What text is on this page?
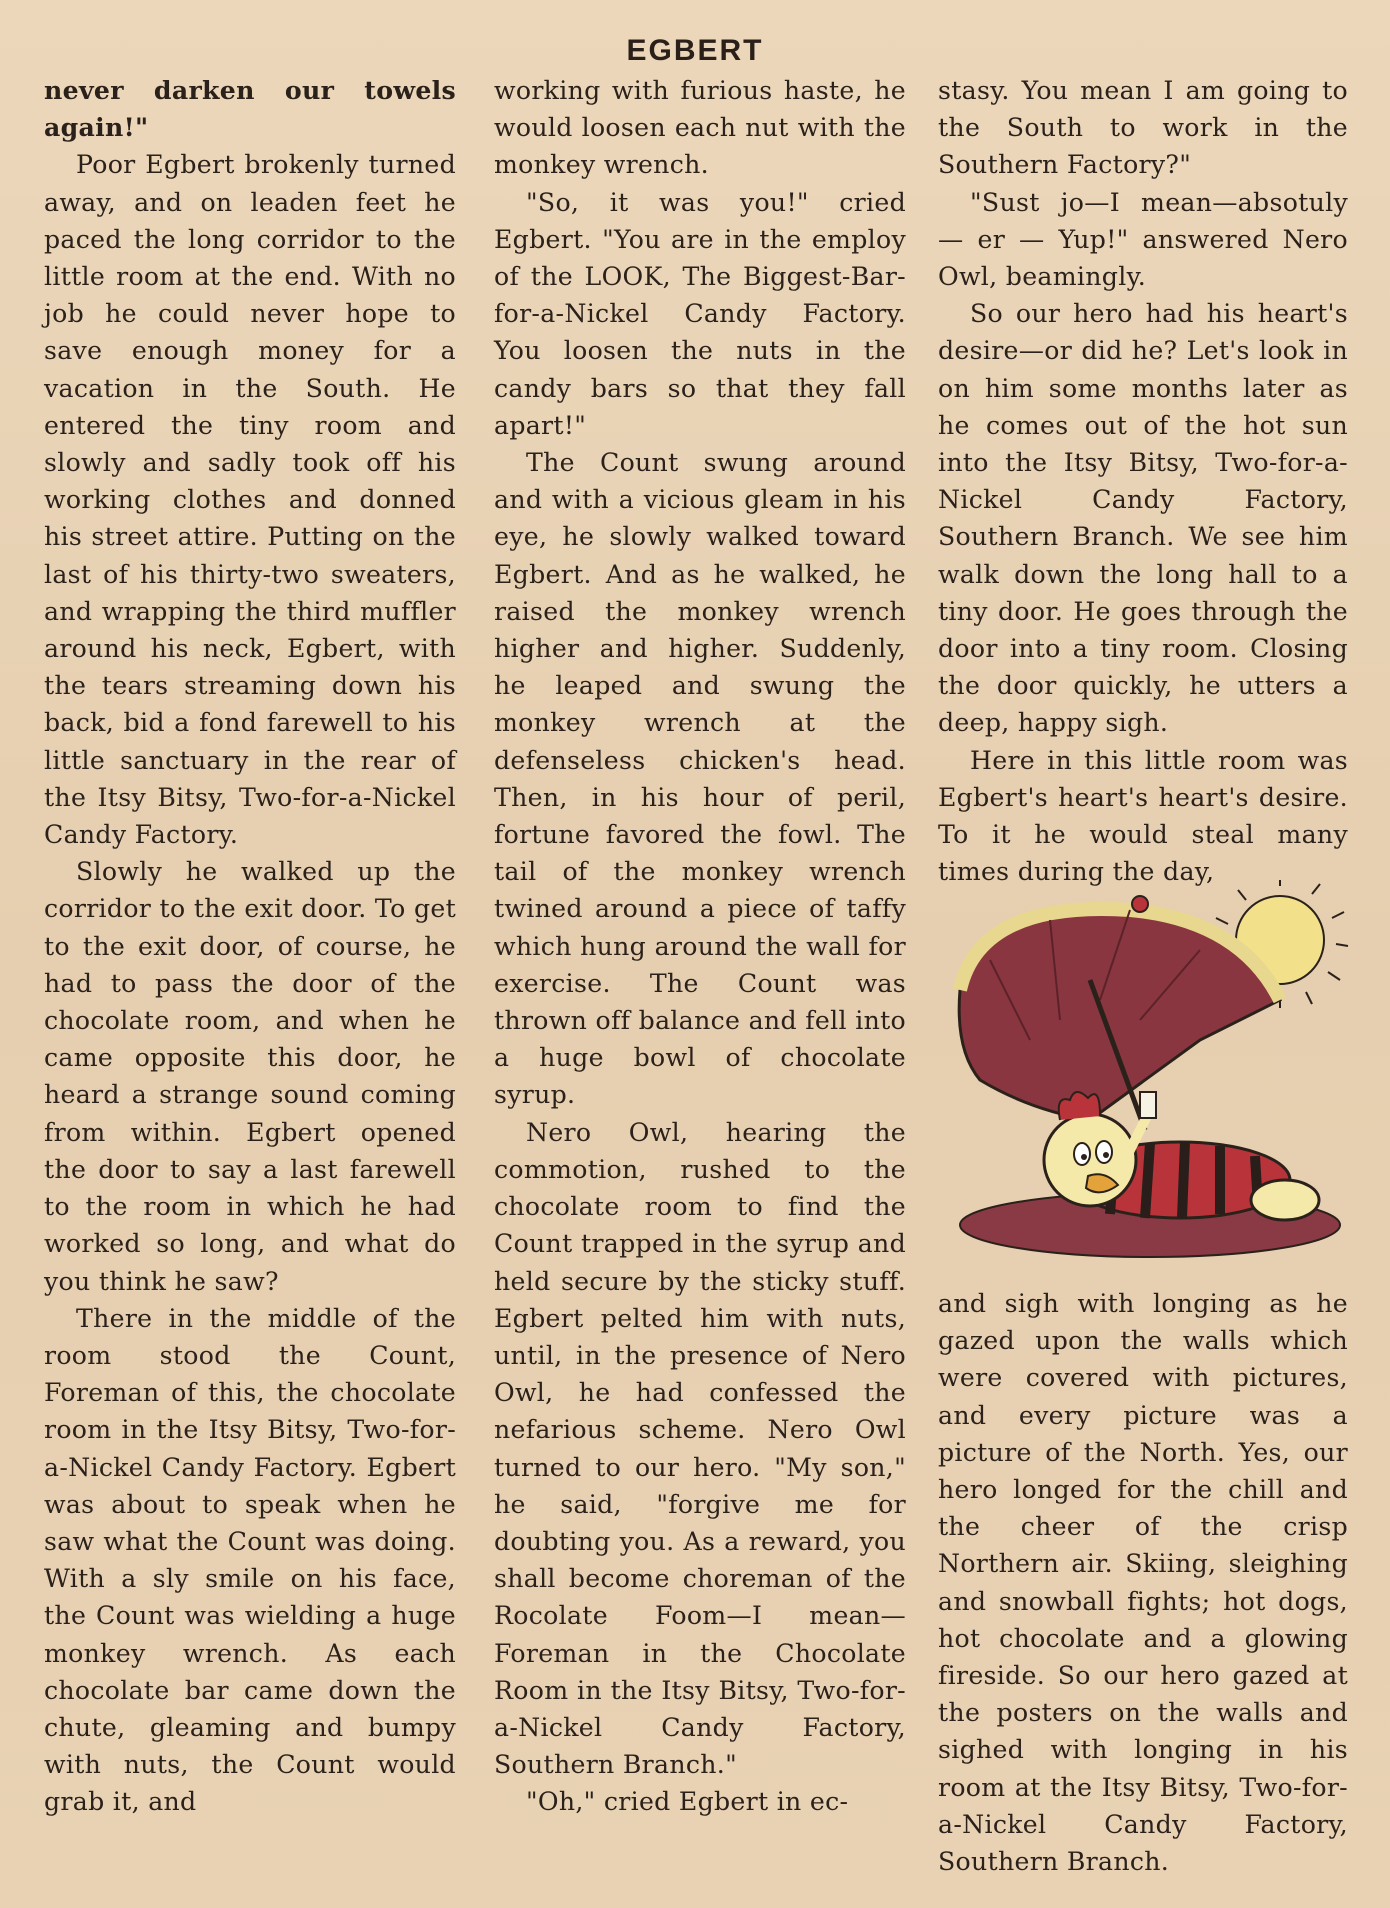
EGBERT

never darken our towels again!"

Poor Egbert brokenly turned away, and on leaden feet he paced the long corridor to the little room at the end. With no job he could never hope to save enough money for a vacation in the South. He entered the tiny room and slowly and sadly took off his working clothes and donned his street attire. Putting on the last of his thirty-two sweaters, and wrapping the third muffler around his neck, Egbert, with the tears streaming down his back, bid a fond farewell to his little sanctuary in the rear of the Itsy Bitsy, Two-for-a-Nickel Candy Factory.

Slowly he walked up the corridor to the exit door. To get to the exit door, of course, he had to pass the door of the chocolate room, and when he came opposite this door, he heard a strange sound coming from within. Egbert opened the door to say a last farewell to the room in which he had worked so long, and what do you think he saw?

There in the middle of the room stood the Count, Foreman of this, the chocolate room in the Itsy Bitsy, Two-for-a-Nickel Candy Factory. Egbert was about to speak when he saw what the Count was doing. With a sly smile on his face, the Count was wielding a huge monkey wrench. As each chocolate bar came down the chute, gleaming and bumpy with nuts, the Count would grab it, and

working with furious haste, he would loosen each nut with the monkey wrench.

"So, it was you!" cried Egbert. "You are in the employ of the LOOK, The Biggest-Bar-for-a-Nickel Candy Factory. You loosen the nuts in the candy bars so that they fall apart!"

The Count swung around and with a vicious gleam in his eye, he slowly walked toward Egbert. And as he walked, he raised the monkey wrench higher and higher. Suddenly, he leaped and swung the monkey wrench at the defenseless chicken's head. Then, in his hour of peril, fortune favored the fowl. The tail of the monkey wrench twined around a piece of taffy which hung around the wall for exercise. The Count was thrown off balance and fell into a huge bowl of chocolate syrup.

Nero Owl, hearing the commotion, rushed to the chocolate room to find the Count trapped in the syrup and held secure by the sticky stuff. Egbert pelted him with nuts, until, in the presence of Nero Owl, he had confessed the nefarious scheme. Nero Owl turned to our hero. "My son," he said, "forgive me for doubting you. As a reward, you shall become choreman of the Rocolate Foom—I mean—Foreman in the Chocolate Room in the Itsy Bitsy, Two-for-a-Nickel Candy Factory, Southern Branch."

"Oh," cried Egbert in ec-

stasy. You mean I am going to the South to work in the Southern Factory?"

"Sust jo—I mean—absotuly — er — Yup!" answered Nero Owl, beamingly.

So our hero had his heart's desire—or did he? Let's look in on him some months later as he comes out of the hot sun into the Itsy Bitsy, Two-for-a-Nickel Candy Factory, Southern Branch. We see him walk down the long hall to a tiny door. He goes through the door into a tiny room. Closing the door quickly, he utters a deep, happy sigh.

Here in this little room was Egbert's heart's heart's desire. To it he would steal many times during the day,

and sigh with longing as he gazed upon the walls which were covered with pictures, and every picture was a picture of the North. Yes, our hero longed for the chill and the cheer of the crisp Northern air. Skiing, sleighing and snowball fights; hot dogs, hot chocolate and a glowing fireside. So our hero gazed at the posters on the walls and sighed with longing in his room at the Itsy Bitsy, Two-for-a-Nickel Candy Factory, Southern Branch.
